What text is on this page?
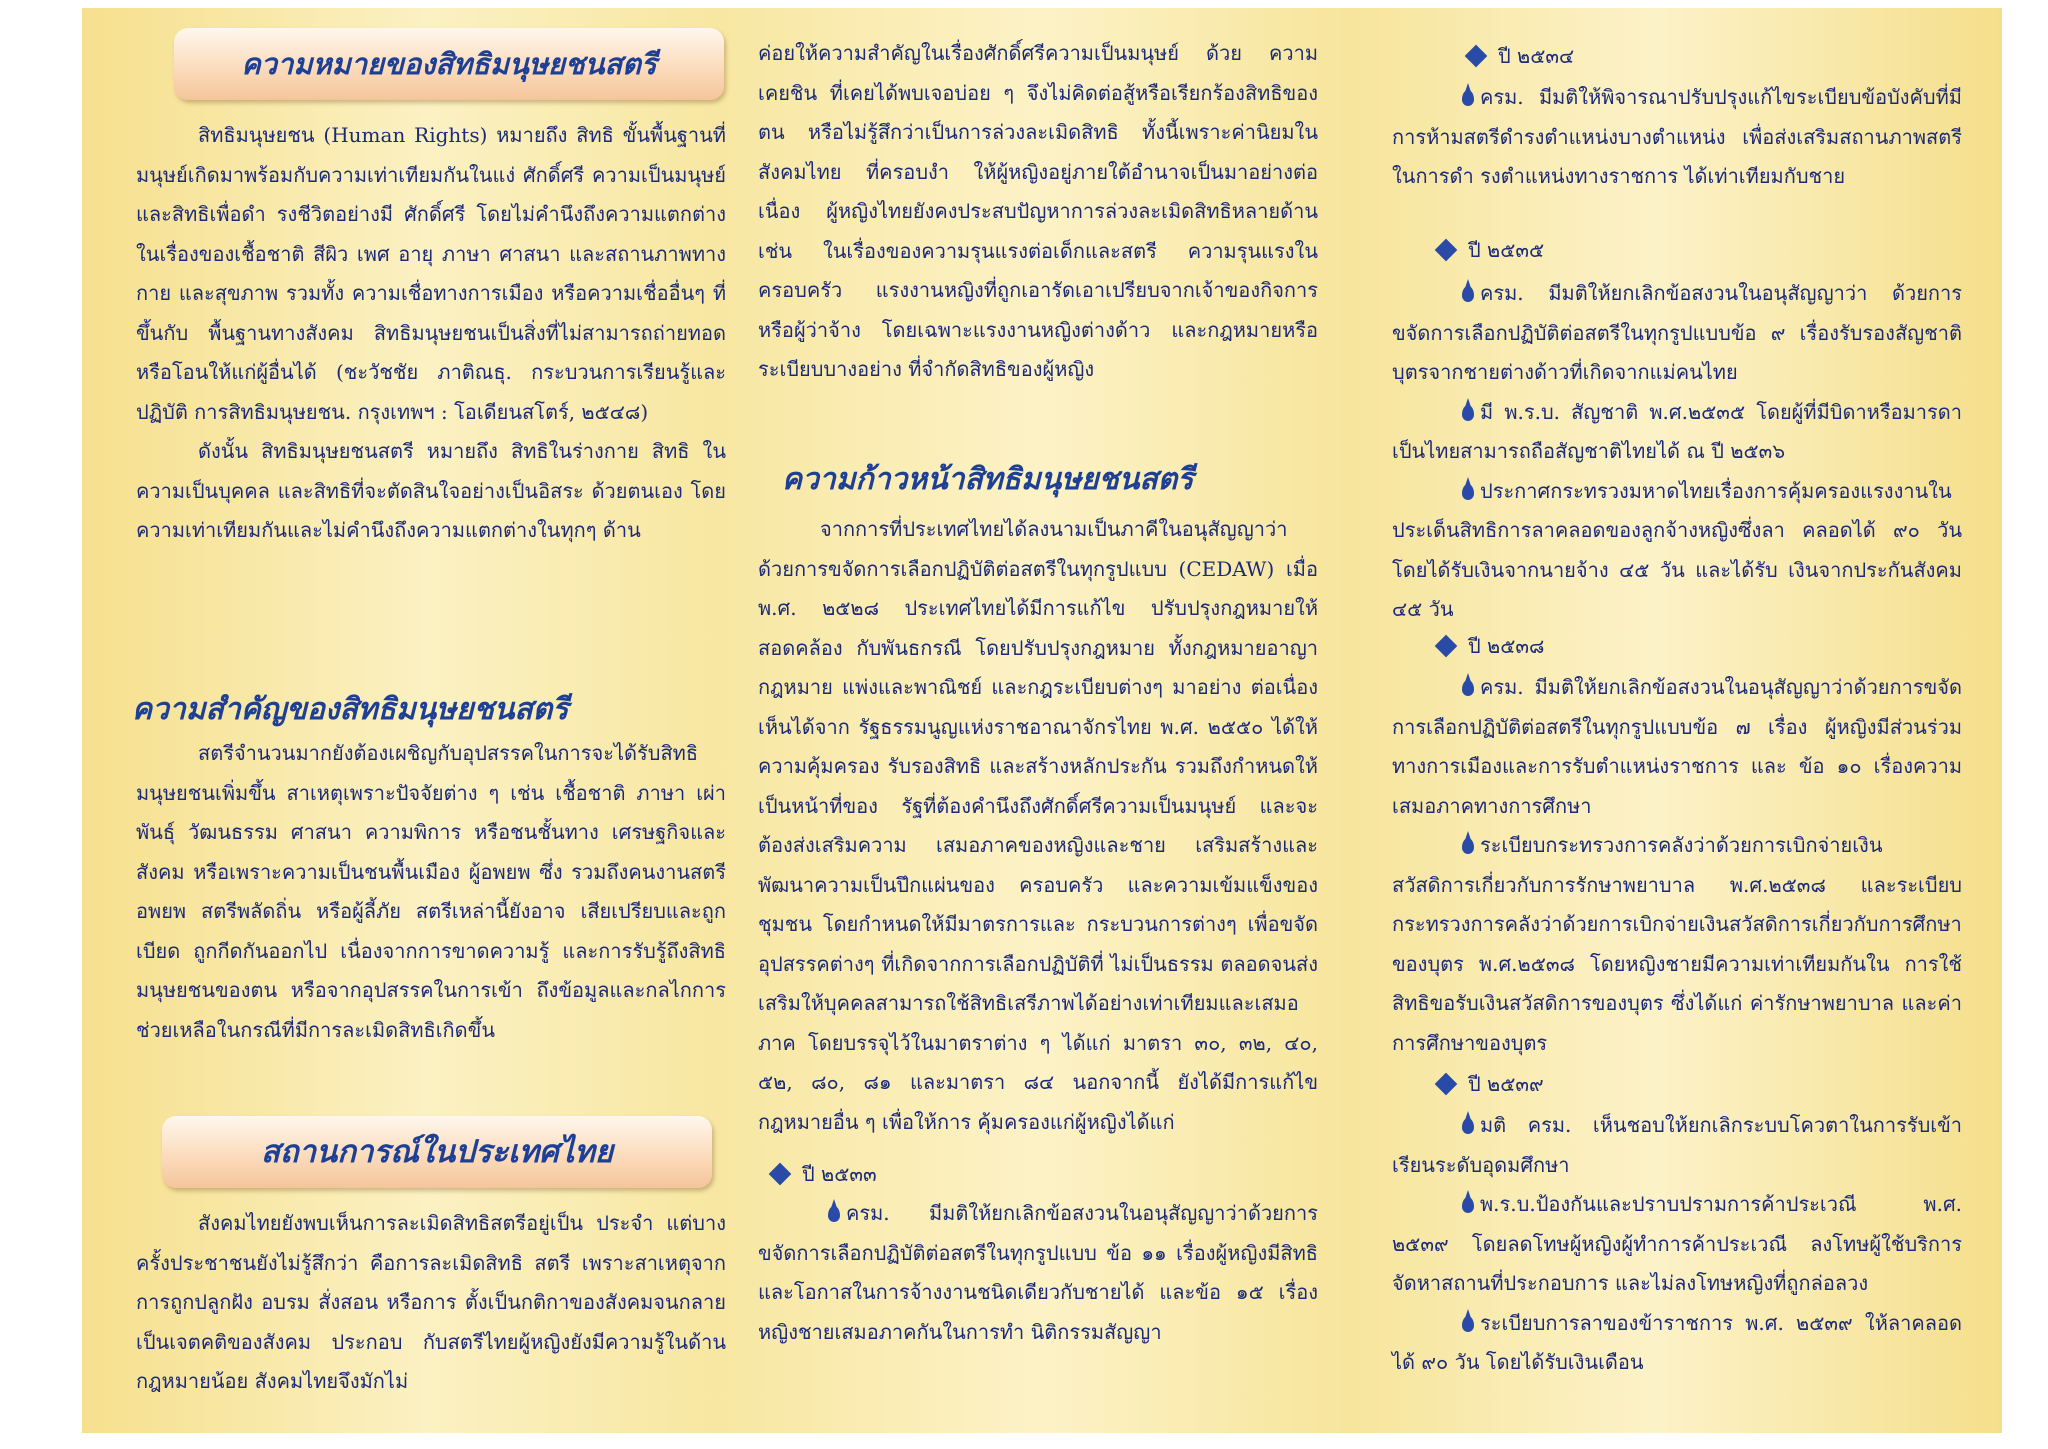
ความหมายของสิทธิมนุษยชนสตรี

สิทธิมนุษยชน (Human Rights) หมายถึง สิทธิ ขั้นพื้นฐานที่มนุษย์เกิดมาพร้อมกับความเท่าเทียมกันในแง่ ศักดิ์ศรี ความเป็นมนุษย์ และสิทธิเพื่อดำ รงชีวิตอย่างมี ศักดิ์ศรี โดยไม่คำนึงถึงความแตกต่างในเรื่องของเชื้อชาติ สีผิว เพศ อายุ ภาษา ศาสนา และสถานภาพทางกาย และสุขภาพ รวมทั้ง ความเชื่อทางการเมือง หรือความเชื่ออื่นๆ ที่ขึ้นกับ พื้นฐานทางสังคม สิทธิมนุษยชนเป็นสิ่งที่ไม่สามารถถ่ายทอด หรือโอนให้แก่ผู้อื่นได้ (ชะวัชชัย ภาติณธุ. กระบวนการเรียนรู้และปฏิบัติ การสิทธิมนุษยชน. กรุงเทพฯ : โอเดียนสโตร์, ๒๕๔๘)

ดังนั้น สิทธิมนุษยชนสตรี หมายถึง สิทธิในร่างกาย สิทธิ ในความเป็นบุคคล และสิทธิที่จะตัดสินใจอย่างเป็นอิสระ ด้วยตนเอง โดยความเท่าเทียมกันและไม่คำนึงถึงความแตกต่างในทุกๆ ด้าน

ความสำคัญของสิทธิมนุษยชนสตรี

สตรีจำนวนมากยังต้องเผชิญกับอุปสรรคในการจะได้รับสิทธิมนุษยชนเพิ่มขึ้น สาเหตุเพราะปัจจัยต่าง ๆ เช่น เชื้อชาติ ภาษา เผ่าพันธุ์ วัฒนธรรม ศาสนา ความพิการ หรือชนชั้นทาง เศรษฐกิจและสังคม หรือเพราะความเป็นชนพื้นเมือง ผู้อพยพ ซึ่ง รวมถึงคนงานสตรีอพยพ สตรีพลัดถิ่น หรือผู้ลี้ภัย สตรีเหล่านี้ยังอาจ เสียเปรียบและถูกเบียด ถูกกีดกันออกไป เนื่องจากการขาดความรู้ และการรับรู้ถึงสิทธิมนุษยชนของตน หรือจากอุปสรรคในการเข้า ถึงข้อมูลและกลไกการช่วยเหลือในกรณีที่มีการละเมิดสิทธิเกิดขึ้น

สถานการณ์ในประเทศไทย

สังคมไทยยังพบเห็นการละเมิดสิทธิสตรีอยู่เป็น ประจำ แต่บางครั้งประชาชนยังไม่รู้สึกว่า คือการละเมิดสิทธิ สตรี เพราะสาเหตุจากการถูกปลูกฝัง อบรม สั่งสอน หรือการ ตั้งเป็นกติกาของสังคมจนกลายเป็นเจตคติของสังคม ประกอบ กับสตรีไทยผู้หญิงยังมีความรู้ในด้านกฎหมายน้อย สังคมไทยจึงมักไม่

ค่อยให้ความสำคัญในเรื่องศักดิ์ศรีความเป็นมนุษย์ ด้วย ความเคยชิน ที่เคยได้พบเจอบ่อย ๆ จึงไม่คิดต่อสู้หรือเรียกร้องสิทธิของตน หรือไม่รู้สึกว่าเป็นการล่วงละเมิดสิทธิ ทั้งนี้เพราะค่านิยมใน สังคมไทย ที่ครอบงำ ให้ผู้หญิงอยู่ภายใต้อำนาจเป็นมาอย่างต่อเนื่อง ผู้หญิงไทยยังคงประสบปัญหาการล่วงละเมิดสิทธิหลายด้าน เช่น ในเรื่องของความรุนแรงต่อเด็กและสตรี ความรุนแรงในครอบครัว แรงงานหญิงที่ถูกเอารัดเอาเปรียบจากเจ้าของกิจการ หรือผู้ว่าจ้าง โดยเฉพาะแรงงานหญิงต่างด้าว และกฎหมายหรือระเบียบบางอย่าง ที่จำกัดสิทธิของผู้หญิง

ความก้าวหน้าสิทธิมนุษยชนสตรี

จากการที่ประเทศไทยได้ลงนามเป็นภาคีในอนุสัญญาว่าด้วยการขจัดการเลือกปฏิบัติต่อสตรีในทุกรูปแบบ (CEDAW) เมื่อ พ.ศ. ๒๕๒๘ ประเทศไทยได้มีการแก้ไข ปรับปรุงกฎหมายให้สอดคล้อง กับพันธกรณี โดยปรับปรุงกฎหมาย ทั้งกฎหมายอาญา กฎหมาย แพ่งและพาณิชย์ และกฎระเบียบต่างๆ มาอย่าง ต่อเนื่อง เห็นได้จาก รัฐธรรมนูญแห่งราชอาณาจักรไทย พ.ศ. ๒๕๕๐ ได้ให้ความคุ้มครอง รับรองสิทธิ และสร้างหลักประกัน รวมถึงกำหนดให้เป็นหน้าที่ของ รัฐที่ต้องคำนึงถึงศักดิ์ศรีความเป็นมนุษย์ และจะต้องส่งเสริมความ เสมอภาคของหญิงและชาย เสริมสร้างและพัฒนาความเป็นปึกแผ่นของ ครอบครัว และความเข้มแข็งของชุมชน โดยกำหนดให้มีมาตรการและ กระบวนการต่างๆ เพื่อขจัดอุปสรรคต่างๆ ที่เกิดจากการเลือกปฏิบัติที่ ไม่เป็นธรรม ตลอดจนส่งเสริมให้บุคคลสามารถใช้สิทธิเสรีภาพได้อย่างเท่าเทียมและเสมอภาค โดยบรรจุไว้ในมาตราต่าง ๆ ได้แก่ มาตรา ๓๐, ๓๒, ๔๐, ๕๒, ๘๐, ๘๑ และมาตรา ๘๔ นอกจากนี้ ยังได้มีการแก้ไขกฎหมายอื่น ๆ เพื่อให้การ คุ้มครองแก่ผู้หญิงได้แก่

ปี ๒๕๓๓

ครม. มีมติให้ยกเลิกข้อสงวนในอนุสัญญาว่าด้วยการ ขจัดการเลือกปฏิบัติต่อสตรีในทุกรูปแบบ ข้อ ๑๑ เรื่องผู้หญิงมีสิทธิ และโอกาสในการจ้างงานชนิดเดียวกับชายได้ และข้อ ๑๕ เรื่อง หญิงชายเสมอภาคกันในการทำ นิติกรรมสัญญา

ปี ๒๕๓๔

ครม. มีมติให้พิจารณาปรับปรุงแก้ไขระเบียบข้อบังคับที่มีการห้ามสตรีดำรงตำแหน่งบางตำแหน่ง เพื่อส่งเสริมสถานภาพสตรีในการดำ รงตำแหน่งทางราชการ ได้เท่าเทียมกับชาย

ปี ๒๕๓๕

ครม. มีมติให้ยกเลิกข้อสงวนในอนุสัญญาว่า ด้วยการขจัดการเลือกปฏิบัติต่อสตรีในทุกรูปแบบข้อ ๙ เรื่องรับรองสัญชาติบุตรจากชายต่างด้าวที่เกิดจากแม่คนไทย

มี พ.ร.บ. สัญชาติ พ.ศ.๒๕๓๕ โดยผู้ที่มีบิดาหรือมารดาเป็นไทยสามารถถือสัญชาติไทยได้ ณ ปี ๒๕๓๖

ประกาศกระทรวงมหาดไทยเรื่องการคุ้มครองแรงงานในประเด็นสิทธิการลาคลอดของลูกจ้างหญิงซึ่งลา คลอดได้ ๙๐ วัน โดยได้รับเงินจากนายจ้าง ๔๕ วัน และได้รับ เงินจากประกันสังคม ๔๕ วัน

ปี ๒๕๓๘

ครม. มีมติให้ยกเลิกข้อสงวนในอนุสัญญาว่าด้วยการขจัดการเลือกปฏิบัติต่อสตรีในทุกรูปแบบข้อ ๗ เรื่อง ผู้หญิงมีส่วนร่วมทางการเมืองและการรับตำแหน่งราชการ และ ข้อ ๑๐ เรื่องความเสมอภาคทางการศึกษา

ระเบียบกระทรวงการคลังว่าด้วยการเบิกจ่ายเงินสวัสดิการเกี่ยวกับการรักษาพยาบาล พ.ศ.๒๕๓๘ และระเบียบกระทรวงการคลังว่าด้วยการเบิกจ่ายเงินสวัสดิการเกี่ยวกับการศึกษาของบุตร พ.ศ.๒๕๓๘ โดยหญิงชายมีความเท่าเทียมกันใน การใช้สิทธิขอรับเงินสวัสดิการของบุตร ซึ่งได้แก่ ค่ารักษาพยาบาล และค่าการศึกษาของบุตร

ปี ๒๕๓๙

มติ ครม. เห็นชอบให้ยกเลิกระบบโควตาในการรับเข้าเรียนระดับอุดมศึกษา

พ.ร.บ.ป้องกันและปราบปรามการค้าประเวณี พ.ศ. ๒๕๓๙ โดยลดโทษผู้หญิงผู้ทำการค้าประเวณี ลงโทษผู้ใช้บริการ จัดหาสถานที่ประกอบการ และไม่ลงโทษหญิงที่ถูกล่อลวง

ระเบียบการลาของข้าราชการ พ.ศ. ๒๕๓๙ ให้ลาคลอดได้ ๙๐ วัน โดยได้รับเงินเดือน
